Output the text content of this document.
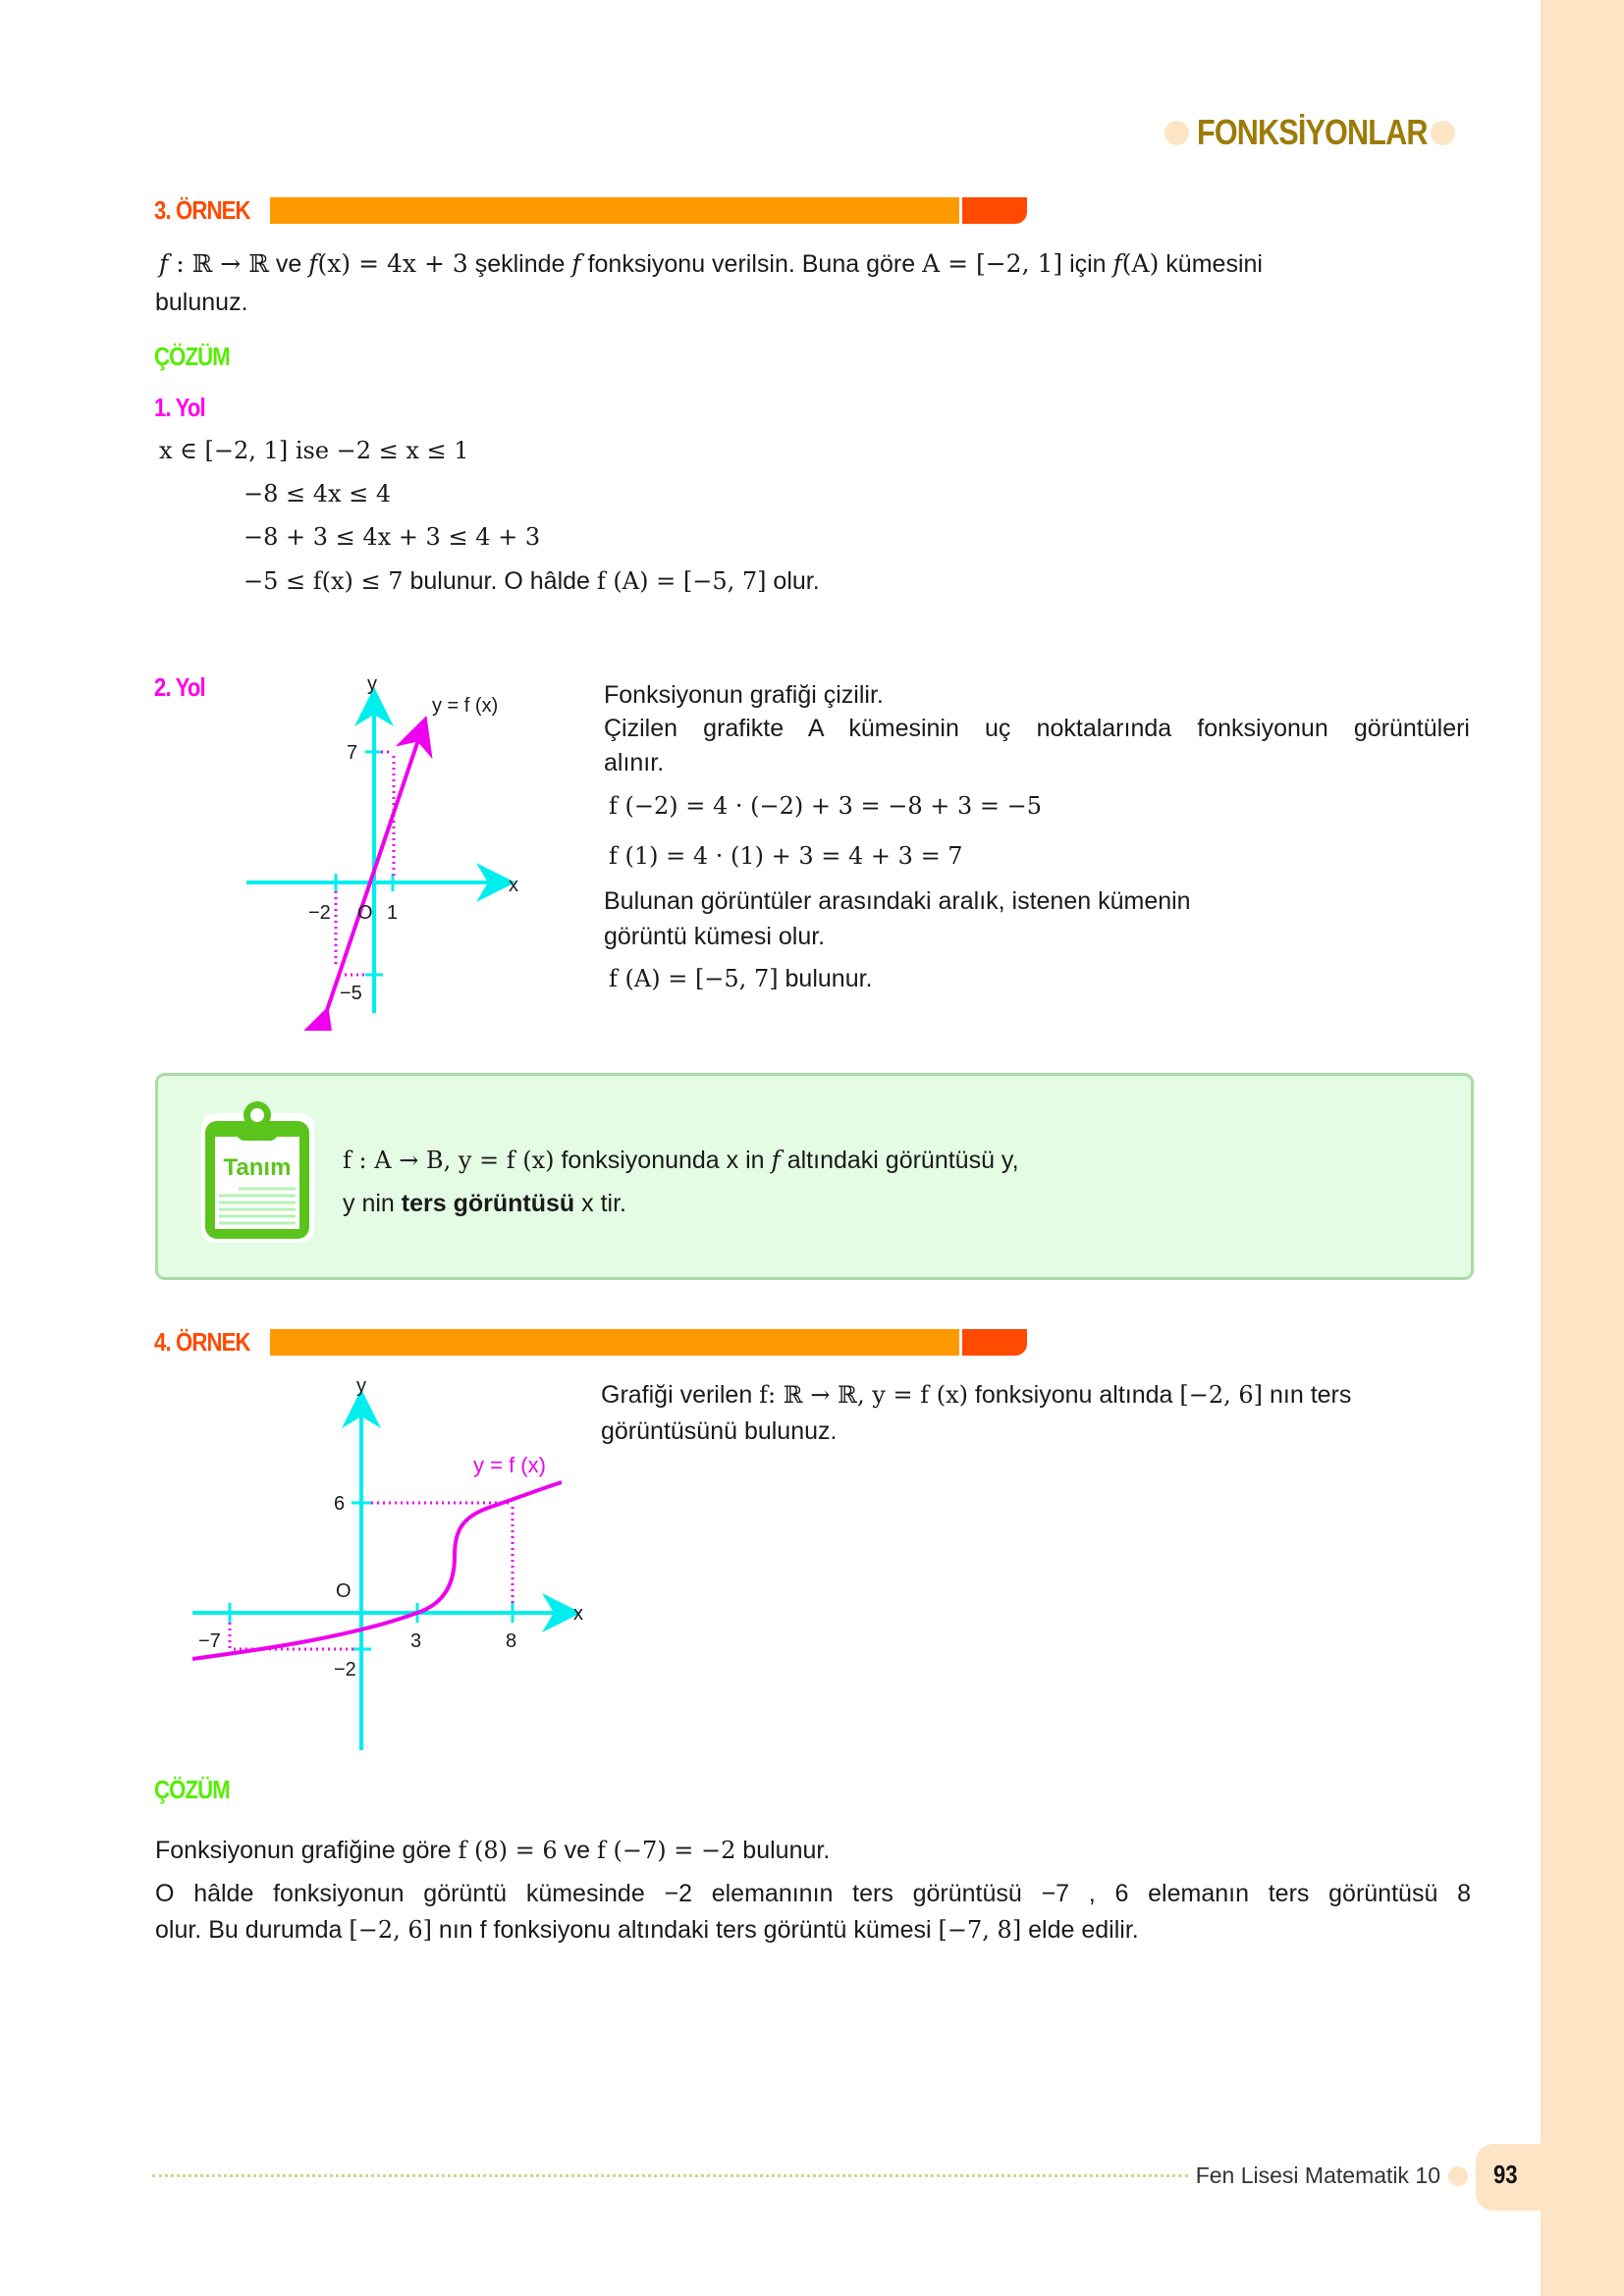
FONKSİYONLAR
3. ÖRNEK
f : ℝ → ℝ ve f(x) = 4x + 3 şeklinde f fonksiyonu verilsin. Buna göre A = [−2, 1] için f(A) kümesini
bulunuz.
ÇÖZÜM
1. Yol
x ∈ [−2, 1] ise −2 ≤ x ≤ 1
−8 ≤ 4x ≤ 4
−8 + 3 ≤ 4x + 3 ≤ 4 + 3
−5 ≤ f(x) ≤ 7 bulunur. O hâlde f (A) = [−5, 7] olur.
2. Yol	y
x
y = f (x)
7
−5
−2 O 1
Fonksiyonun grafiği çizilir.
Çizilen grafikte A kümesinin uç noktalarında fonksiyonun görüntüleri
alınır.
f (−2) = 4 · (−2) + 3 = −8 + 3 = −5
f (1) = 4 · (1) + 3 = 4 + 3 = 7
Bulunan görüntüler arasındaki aralık, istenen kümenin
görüntü kümesi olur.
f (A) = [−5, 7] bulunur.
Tanım f : A → B, y = f (x) fonksiyonunda x in f altındaki görüntüsü y,
y nin ters görüntüsü x tir.
4. ÖRNEK
y
x
y = f (x)
6
−2
O
−7	3	8
Grafiği verilen f: ℝ → ℝ, y = f (x) fonksiyonu altında [−2, 6] nın ters
görüntüsünü bulunuz.
ÇÖZÜM
Fonksiyonun grafiğine göre f (8) = 6 ve f (−7) = −2 bulunur.
O hâlde fonksiyonun görüntü kümesinde −2 elemanının ters görüntüsü −7 , 6 elemanın ters görüntüsü 8
olur. Bu durumda [−2, 6] nın f fonksiyonu altındaki ters görüntü kümesi [−7, 8] elde edilir.
Fen Lisesi Matematik 10 93
